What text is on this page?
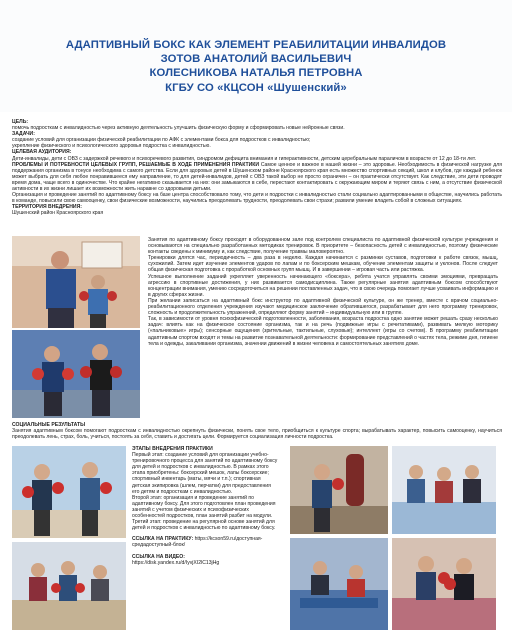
АДАПТИВНЫЙ БОКС КАК ЭЛЕМЕНТ РЕАБИЛИТАЦИИ ИНВАЛИДОВ
ЗОТОВ АНАТОЛИЙ ВАСИЛЬЕВИЧ
КОЛЕСНИКОВА НАТАЛЬЯ ПЕТРОВНА
КГБУ СО «КЦСОН «Шушенский»

ЦЕЛЬ:

помочь подросткам с инвалидностью через активную деятельность улучшить физическую форму и сформировать новые нейронные связи.

ЗАДАЧИ:

создание условий для организации физической реабилитации по АФК с элементами бокса для подростков с инвалидностью;

укрепление физического и психологического здоровья подростка с инвалидностью.

ЦЕЛЕВАЯ АУДИТОРИЯ:

Дети-инвалиды, дети с ОВЗ с задержкой речевого и психоречевого развития, синдромом дефицита внимания и гиперактивности, детским церебральным параличом в возрасте от 12 до 18-ти лет.

ПРОБЛЕМЫ И ПОТРЕБНОСТИ ЦЕЛЕВЫХ ГРУПП, РЕШАЕМЫЕ В ХОДЕ ПРИМЕНЕНИЯ ПРАКТИКИ Самое ценное и важное в нашей жизни – это здоровье. Необходимость в физической нагрузке для поддержания организма в тонусе необходима с самого детства. Если для здоровых детей в Шушенском районе Красноярского края есть множество спортивных секций, школ и клубов, где каждый ребенок может выбрать для себя любое понравившееся ему направление, то для детей-инвалидов, детей с ОВЗ такой выбор не просто ограничен – он практически отсутствует. Как следствие, эти дети проводят время дома, чаще всего в одиночестве. Что крайне негативно сказывается на них: они замыкаются в себе, перестают контактировать с окружающим миром и теряют связь с ним, а отсутствие физической активности в их жизни лишает их возможности жить наравне со здоровыми детьми.

Организация и проведение занятий по адаптивному боксу на базе центра способствовало тому, что дети и подростки с инвалидностью стали социально адаптированными в обществе, научились работать в команде, повысили свою самооценку, свои физические возможности, научились преодолевать трудности, преодолевать свои страхи; развили умение владеть собой в сложных ситуациях.

ТЕРРИТОРИЯ ВНЕДРЕНИЯ:

Шушенский район Красноярского края

Занятия по адаптивному боксу проходят в оборудованном зале под контролем специалиста по адаптивной физической культуре учреждения и основываются на специально разработанных методиках тренировок. В приоритете – безопасность детей с инвалидностью, поэтому физические контакты сведены к минимуму и, как следствие, получение травмы маловероятно.

Тренировки длятся час, периодичность – два раза в неделю. Каждая начинается с разминки суставов, подготовки к работе связок, мышц, сухожилий. Затем идет изучение элементов ударов по лапам и по боксерским мешкам, обучение элементам защиты и уклонов. После следует общая физическая подготовка с проработкой основных групп мышц. И в завершении – игровая часть или растяжка.

Успешное выполнение заданий укрепляет уверенность начинающего «боксера», ребята учатся управлять своими эмоциями, превращать агрессию в спортивные достижения, у них развивается самодисциплина. Также регулярные занятия адаптивным боксом способствуют концентрации внимания, умению сосредоточиться на решении поставленных задач, что в свою очередь помогает лучше усваивать информацию и в других сферах жизни.

При желании записаться на адаптивный бокс инструктор по адаптивной физической культуре, он же тренер, вместе с врачом социально-реабилитационного отделения учреждения изучают медицинское заключение обратившегося, разрабатывает для него программу тренировок, сложность и продолжительность упражнений, определяют форму занятий – индивидуальную или в группе.

Так, в зависимости от уровня психофизической подготовленности, заболевания, возраста подростка одно занятие может решать сразу несколько задач: влиять как на физическое состояние организма, так и на речь (подвижные игры с речитативами), развивать мелкую моторику («пальчиковые» игры); сенсорные ощущения (зрительные, тактильные, слуховые); интеллект (игры со счетом). В программу реабилитации адаптивным спортом входят и темы на развитие познавательной деятельности: формирование представлений о частях тела, режиме дня, гигиене тела и одежды, закаливании организма, значении движений в жизни человека и самостоятельных занятиях доме.

СОЦИАЛЬНЫЕ РЕЗУЛЬТАТЫ

Занятия адаптивным боксом помогают подросткам с инвалидностью окрепнуть физически, понять свое тело, приобщиться к культуре спорта; вырабатывать характер, повысить самооценку, научиться преодолевать лень, страх, боль, учиться, постоять за себя, ставить и достигать цели. Формируется социализация личности подростка.

ЭТАПЫ ВНЕДРЕНИЯ ПРАКТИКИ

Первый этап: создание условий для организации учебно-тренировочного процесса для занятий по адаптивному боксу для детей и подростков с инвалидностью. В рамках этого этапа приобретены: боксерский мешок, лапы боксерские; спортивный инвентарь (маты, мячи и т.п.); спортивная детская экипировка (шлем, перчатки) для предоставления его детям и подросткам с инвалидностью.

Второй этап: организация и проведение занятий по адаптивному боксу. Для этого подготовлен план проведения занятий с учетом физических и психофизических особенностей подростков, план занятий разбит на модули.

Третий этап: проведение на регулярной основе занятий для детей и подростков с инвалидностью по адаптивному боксу.

ССЫЛКА НА ПРАКТИКУ: https://kcson59.ru/доступная-средадоступный-блок/

ССЫЛКА НА ВИДЕО:

https://disk.yandex.ru/d/IyvjXI2lC13jHg
